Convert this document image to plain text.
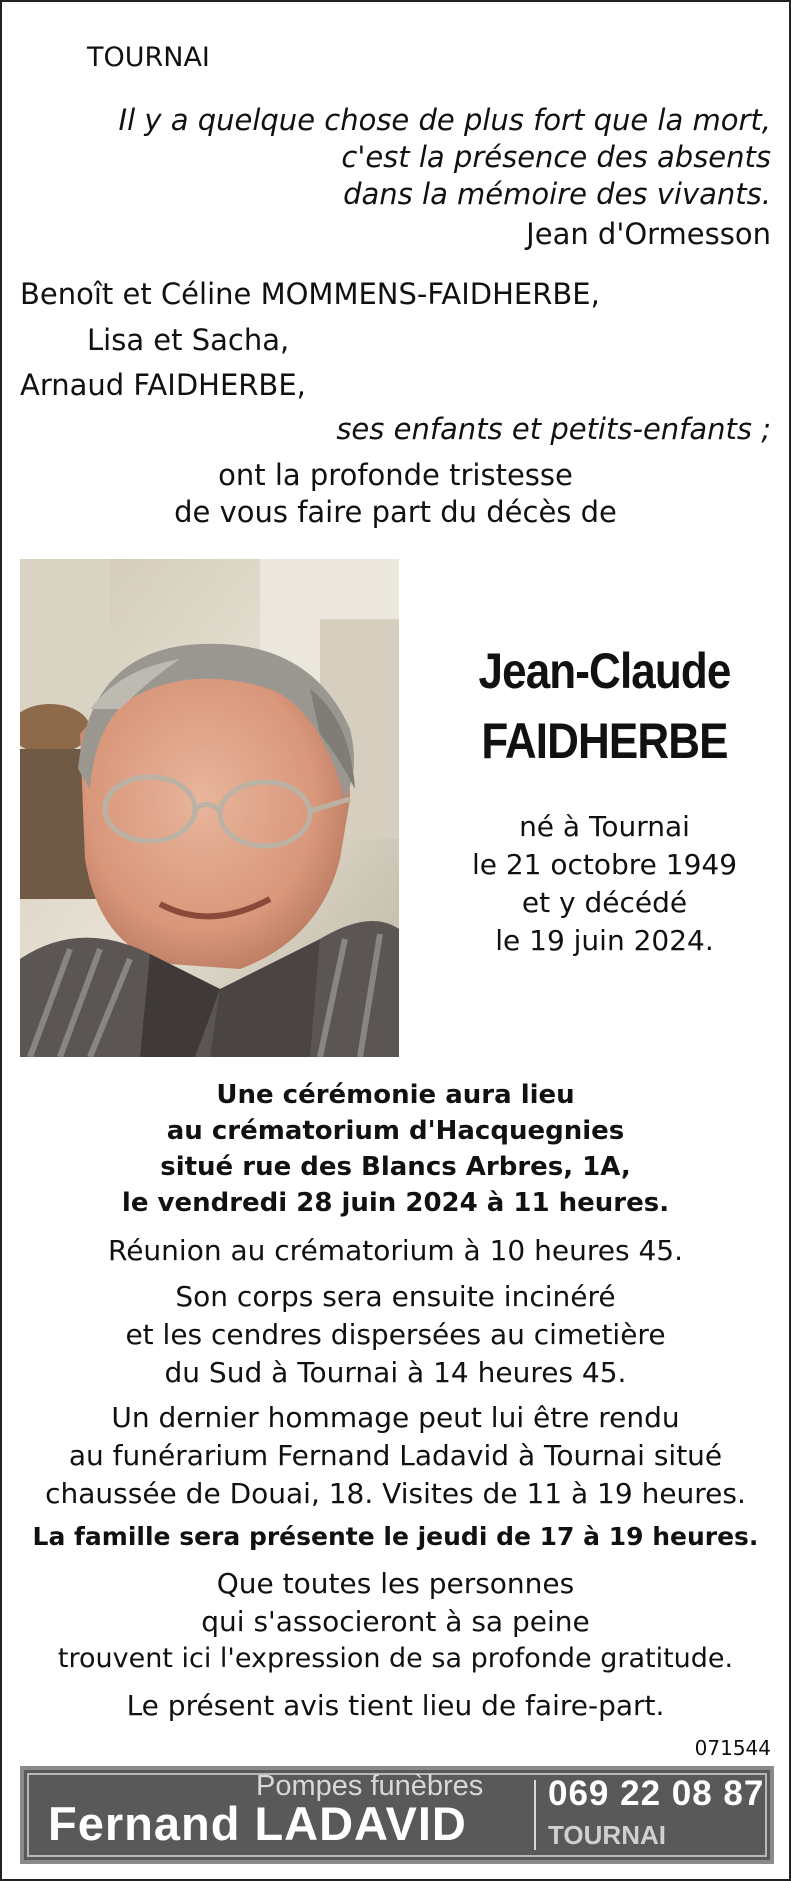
TOURNAI
Il y a quelque chose de plus fort que la mort,
c'est la présence des absents
dans la mémoire des vivants.
Jean d'Ormesson
Benoît et Céline MOMMENS-FAIDHERBE,
Lisa et Sacha,
Arnaud FAIDHERBE,
ses enfants et petits-enfants ;
ont la profonde tristesse
de vous faire part du décès de
Jean-Claude
FAIDHERBE
né à Tournai
le 21 octobre 1949
et y décédé
le 19 juin 2024.
Une cérémonie aura lieu
au crématorium d'Hacquegnies
situé rue des Blancs Arbres, 1A,
le vendredi 28 juin 2024 à 11 heures.
Réunion au crématorium à 10 heures 45.
Son corps sera ensuite incinéré
et les cendres dispersées au cimetière
du Sud à Tournai à 14 heures 45.
Un dernier hommage peut lui être rendu
au funérarium Fernand Ladavid à Tournai situé
chaussée de Douai, 18. Visites de 11 à 19 heures.
La famille sera présente le jeudi de 17 à 19 heures.
Que toutes les personnes
qui s'associeront à sa peine
trouvent ici l'expression de sa profonde gratitude.
Le présent avis tient lieu de faire-part.
071544
Pompes funèbres
Fernand LADAVID
069 22 08 87
TOURNAI
